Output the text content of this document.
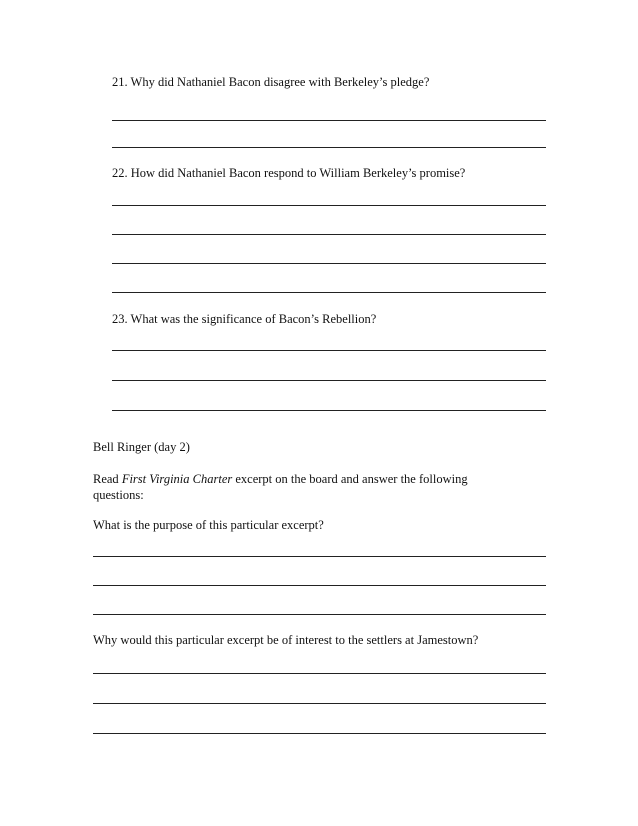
21. Why did Nathaniel Bacon disagree with Berkeley’s pledge?
22. How did Nathaniel Bacon respond to William Berkeley’s promise?
23. What was the significance of Bacon’s Rebellion?
Bell Ringer (day 2)
Read First Virginia Charter excerpt on the board and answer the following
questions:
What is the purpose of this particular excerpt?
Why would this particular excerpt be of interest to the settlers at Jamestown?
